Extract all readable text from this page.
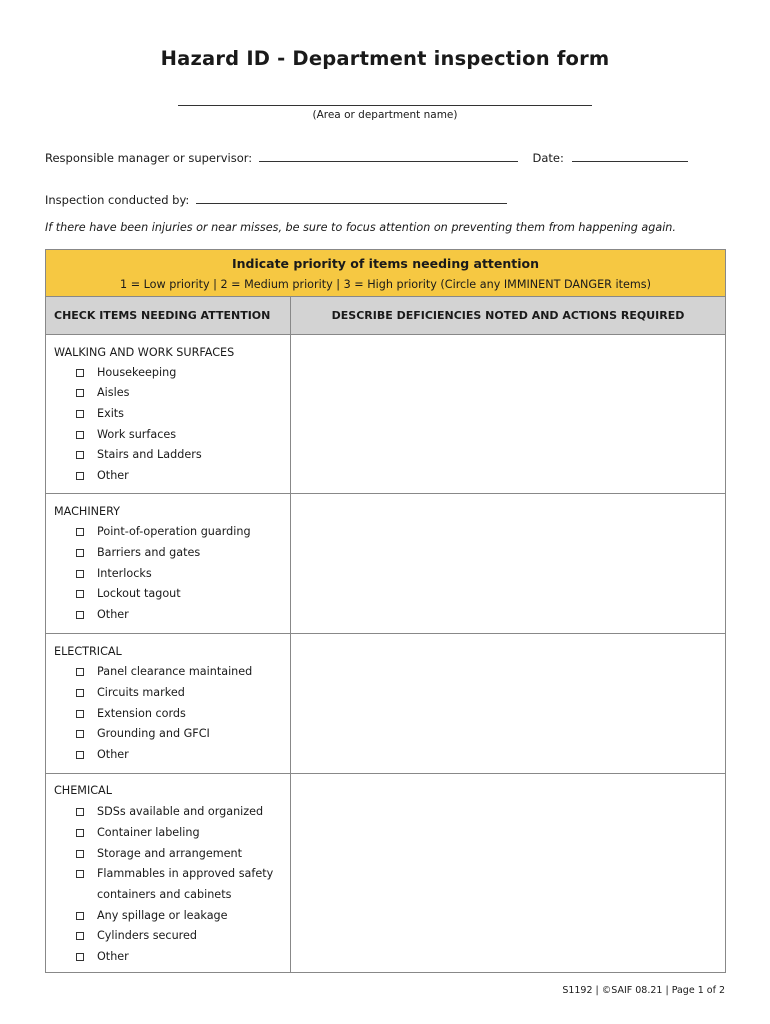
Hazard ID - Department inspection form
(Area or department name)
Responsible manager or supervisor:	Date:
Inspection conducted by:
If there have been injuries or near misses, be sure to focus attention on preventing them from happening again.
Indicate priority of items needing attention
1 = Low priority | 2 = Medium priority | 3 = High priority (Circle any IMMINENT DANGER items)
CHECK ITEMS NEEDING ATTENTION	DESCRIBE DEFICIENCIES NOTED AND ACTIONS REQUIRED
WALKING AND WORK SURFACES
Housekeeping
Aisles
Exits
Work surfaces
Stairs and Ladders
Other
MACHINERY
Point-of-operation guarding
Barriers and gates
Interlocks
Lockout tagout
Other
ELECTRICAL
Panel clearance maintained
Circuits marked
Extension cords
Grounding and GFCI
Other
CHEMICAL
SDSs available and organized
Container labeling
Storage and arrangement
Flammables in approved safety
containers and cabinets
Any spillage or leakage
Cylinders secured
Other
S1192 | ©SAIF 08.21 | Page 1 of 2
